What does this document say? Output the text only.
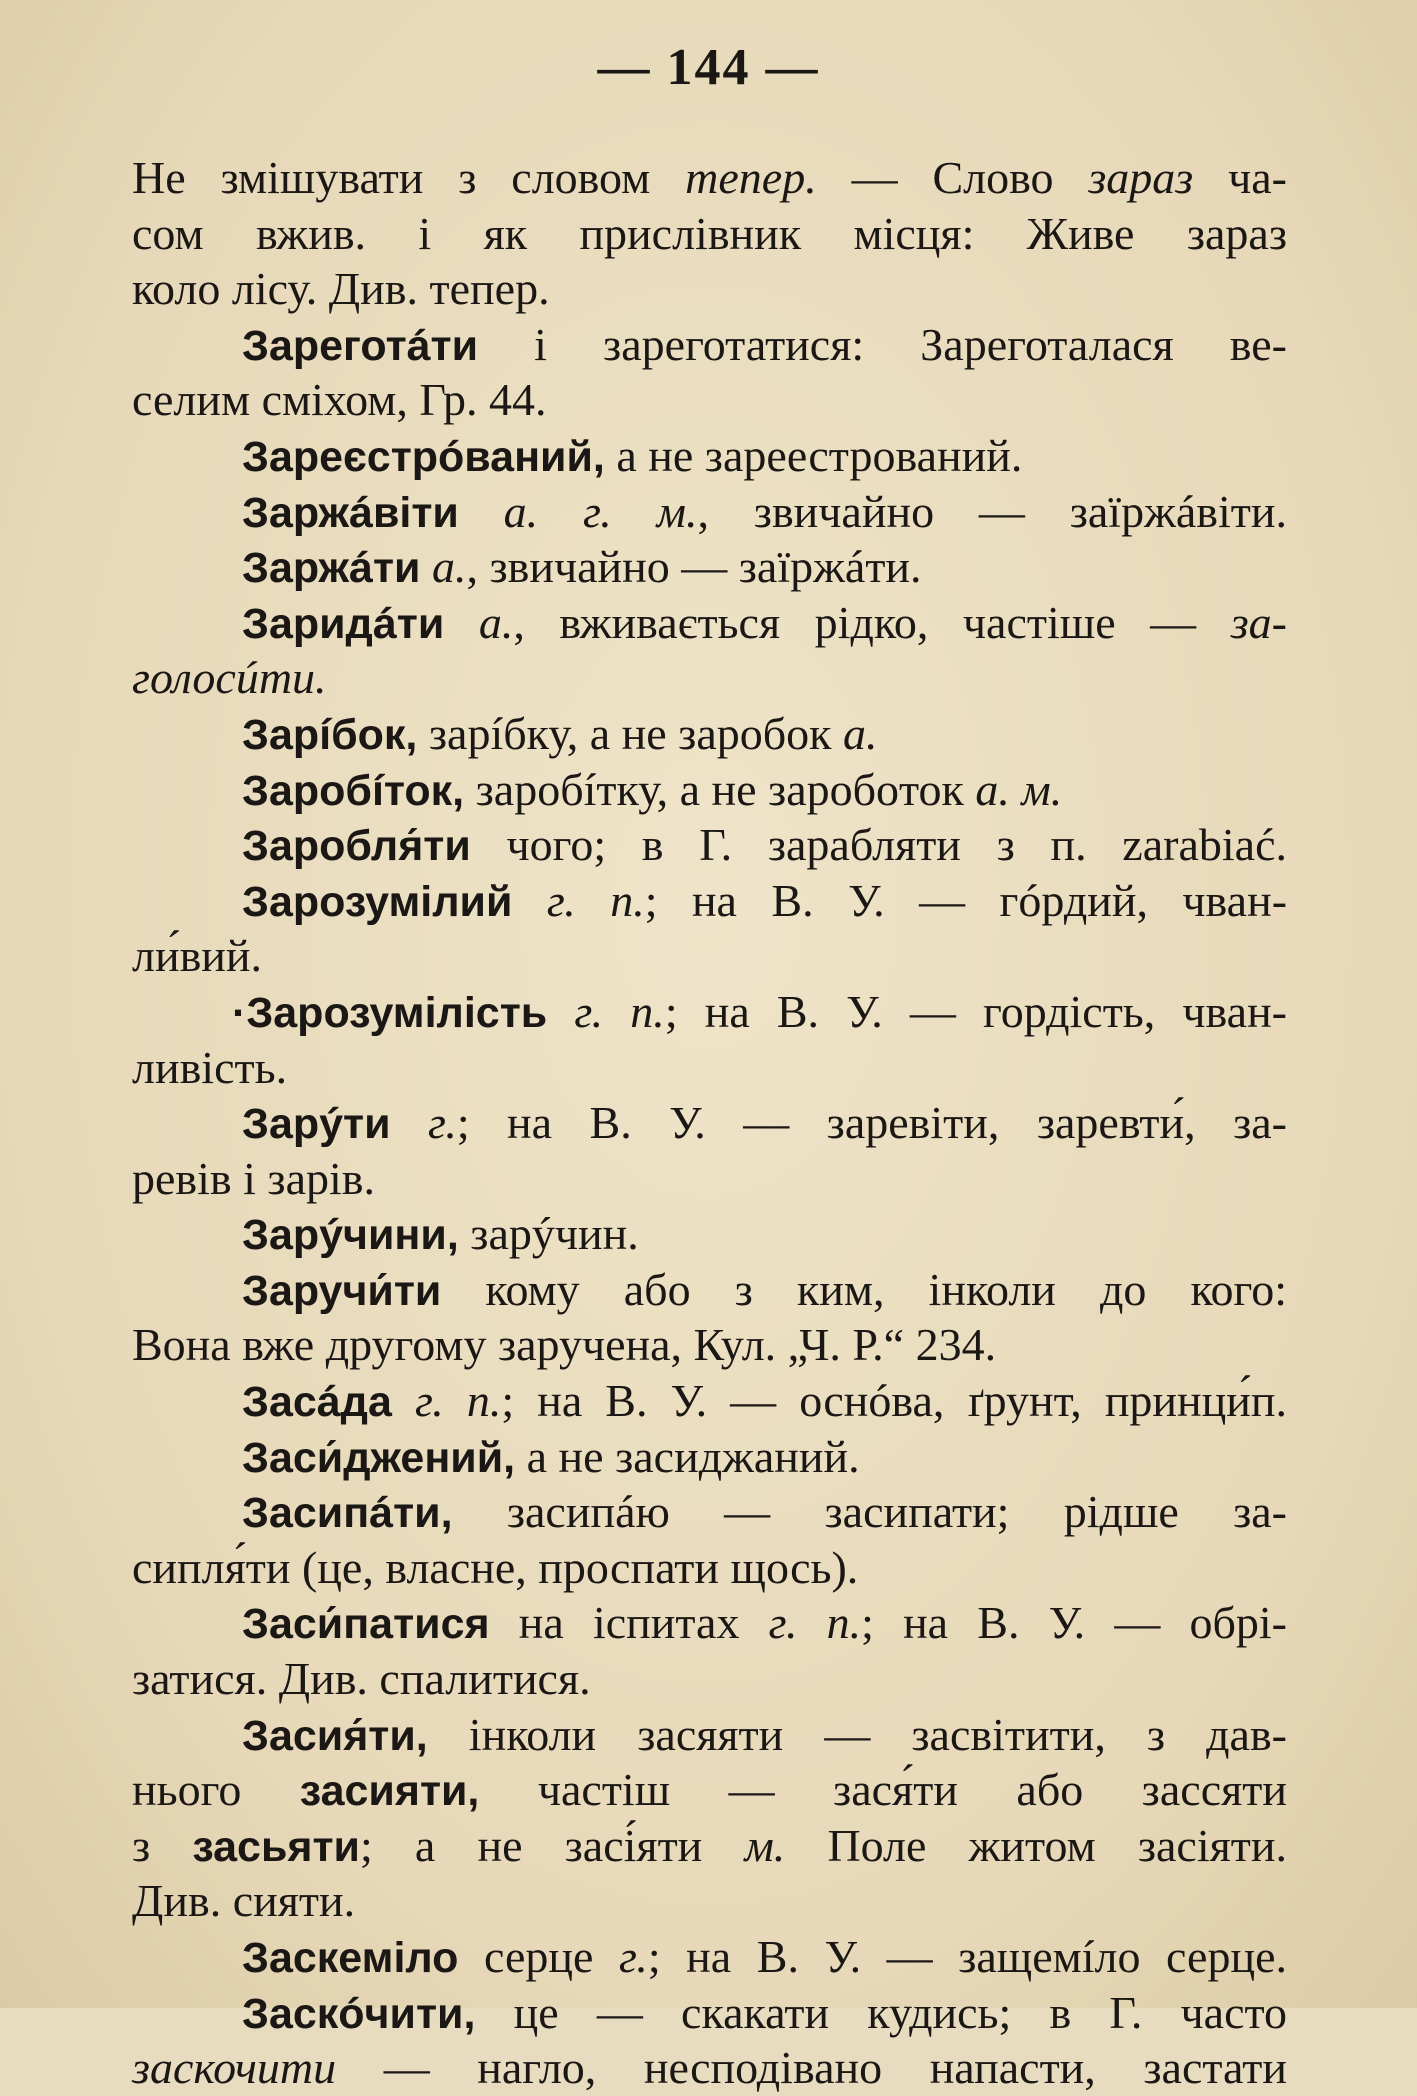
— 144 —
Не змішувати з словом тепер. — Слово зараз ча-
сом вжив. і як прислівник місця: Живе зараз
коло лісу. Див. тепер.
Зареготáти і зареготатися: Зареготалася ве-
селим сміхом, Гр. 44.
Зареєстрóваний, а не зареестрований.
Заржáвіти а. г. м., звичайно — заїржáвіти.
Заржáти а., звичайно — заїржáти.
Заридáти а., вживається рідко, частіше — за-
голосúти.
Зарíбок, зарíбку, а не заробок а.
Заробíток, заробíтку, а не заробoток а. м.
Заробля́ти чого; в Г. зарабляти з п. zarabiać.
Зарозумілий г. п.; на В. У. — гóрдий, чван-
ли́вий.
·Зарозумілість г. п.; на В. У. — гордість, чван-
ливість.
Зарýти г.; на В. У. — заревіти, заревти́, за-
ревів і зарів.
Зарýчини, зарýчин.
Заручи́ти кому або з ким, інколи до кого:
Вона вже другому заручена, Кул. „Ч. Р.“ 234.
Засáда г. п.; на В. У. — оснóва, ґрунт, принци́п.
Заси́джений, а не засиджаний.
Засипáти, засипáю — засипати; рідше за-
сипля́ти (це, власне, проспати щось).
Заси́патися на іспитах г. п.; на В. У. — обрі-
затися. Див. спалитися.
Засия́ти, інколи засяяти — засвітити, з дав-
нього засияти, частіш — зася́ти або зассяти
з засьяти; а не засі́яти м. Поле житом засіяти.
Див. сияти.
Заскеміло серце г.; на В. У. — защемíло серце.
Заскóчити, це — скакати кудись; в Г. часто
заскочити — нагло, несподівано напасти, застати
